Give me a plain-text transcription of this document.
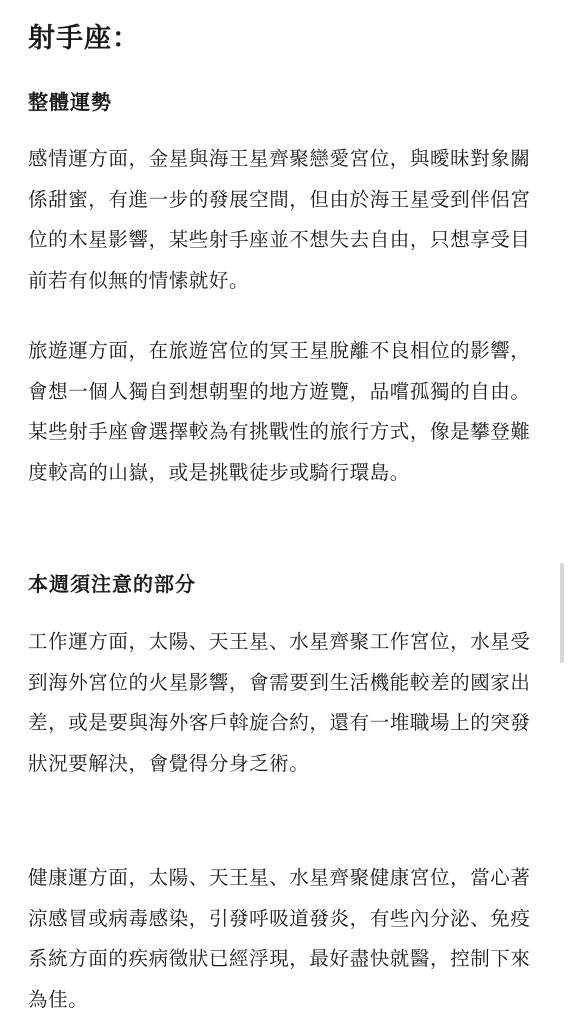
射手座：
整體運勢

感情運方面，金星與海王星齊聚戀愛宮位，與曖昧對象關係甜蜜，有進一步的發展空間，但由於海王星受到伴侶宮位的木星影響，某些射手座並不想失去自由，只想享受目前若有似無的情愫就好。

旅遊運方面，在旅遊宮位的冥王星脫離不良相位的影響，會想一個人獨自到想朝聖的地方遊覽，品嚐孤獨的自由。某些射手座會選擇較為有挑戰性的旅行方式，像是攀登難度較高的山嶽，或是挑戰徒步或騎行環島。

本週須注意的部分

工作運方面，太陽、天王星、水星齊聚工作宮位，水星受到海外宮位的火星影響，會需要到生活機能較差的國家出差，或是要與海外客戶斡旋合約，還有一堆職場上的突發狀況要解決，會覺得分身乏術。

健康運方面，太陽、天王星、水星齊聚健康宮位，當心著涼感冒或病毒感染，引發呼吸道發炎，有些內分泌、免疫系統方面的疾病徵狀已經浮現，最好盡快就醫，控制下來為佳。
